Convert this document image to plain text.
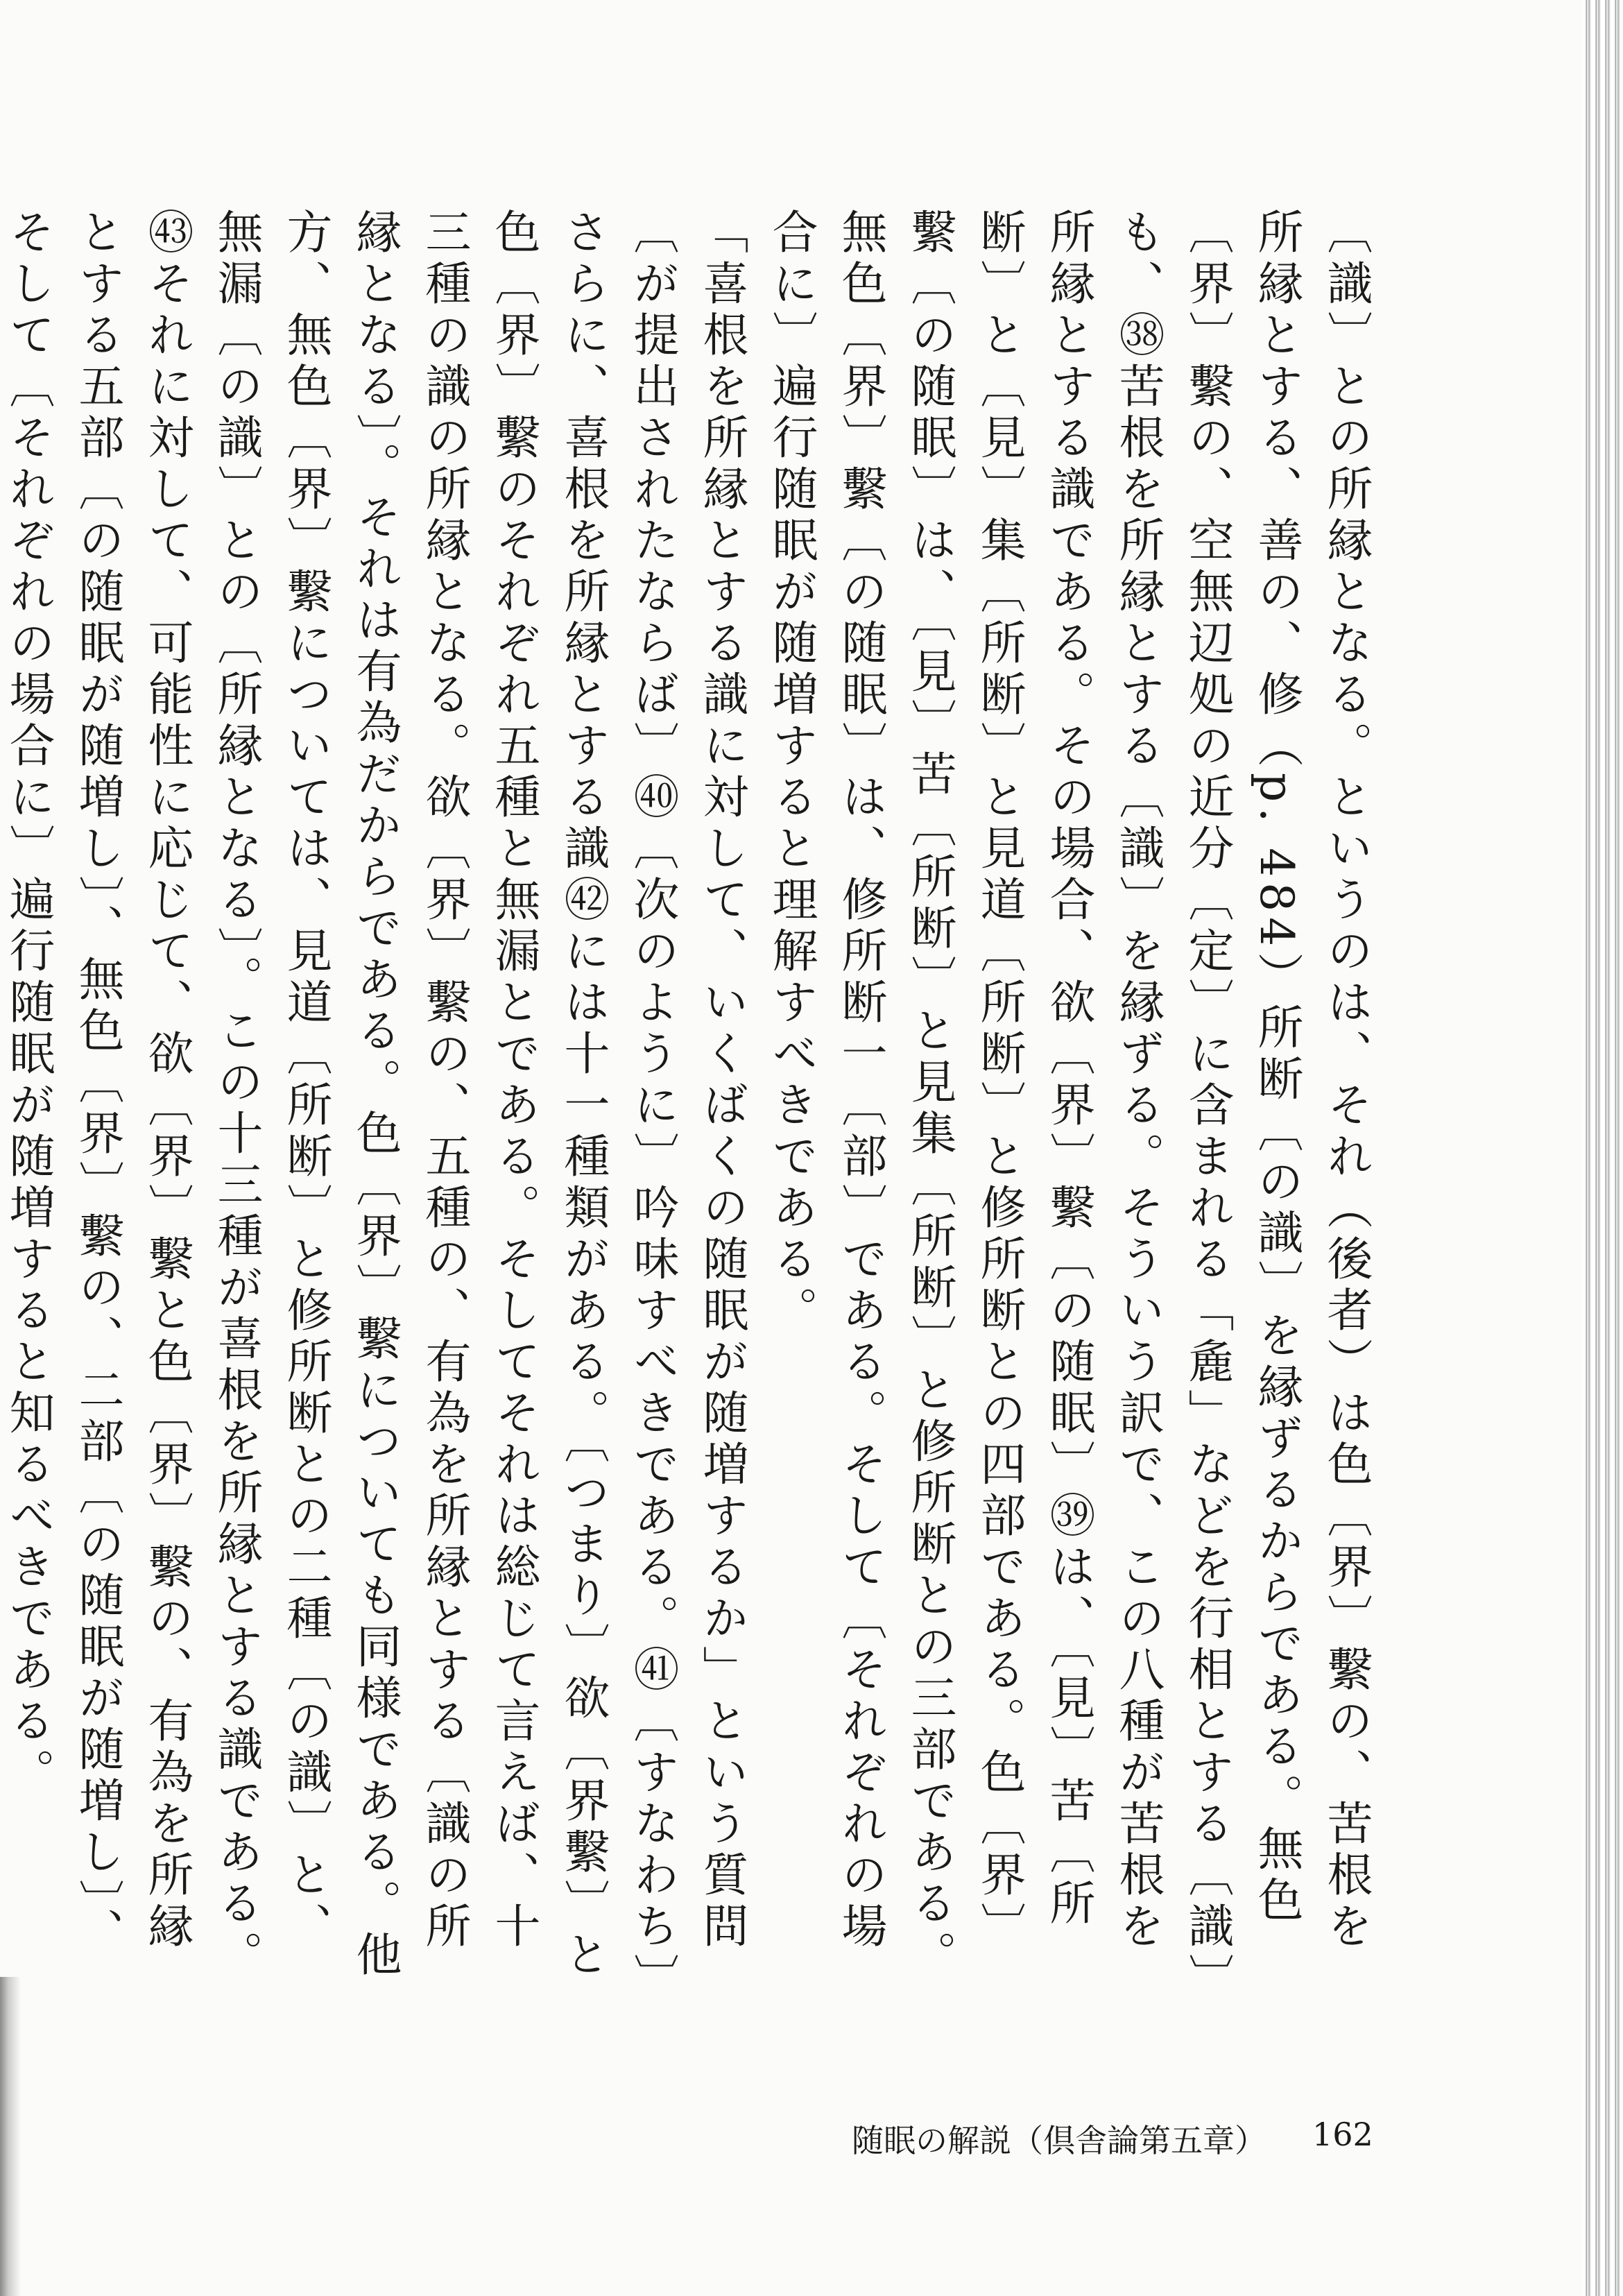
〔識〕との所縁となる。というのは、それ（後者）は色〔界〕繫の、苦根を所縁とする、善の、修（p. 484）所断〔の識〕を縁ずるからである。無色〔界〕繫の、空無辺処の近分〔定〕に含まれる「麁」などを行相とする〔識〕も、㊳苦根を所縁とする〔識〕を縁ずる。そういう訳で、この八種が苦根を所縁とする識である。その場合、欲〔界〕繫〔の随眠〕㊴は、〔見〕苦〔所断〕と〔見〕集〔所断〕と見道〔所断〕と修所断との四部である。色〔界〕繫〔の随眠〕は、〔見〕苦〔所断〕と見集〔所断〕と修所断との三部である。無色〔界〕繫〔の随眠〕は、修所断一〔部〕である。そして〔それぞれの場合に〕遍行随眠が随増すると理解すべきである。

「喜根を所縁とする識に対して、いくばくの随眠が随増するか」という質問〔が提出されたならば〕㊵〔次のように〕吟味すべきである。㊶〔すなわち〕さらに、喜根を所縁とする識㊷には十一種類がある。〔つまり〕欲〔界繫〕と色〔界〕繫のそれぞれ五種と無漏とである。そしてそれは総じて言えば、十三種の識の所縁となる。欲〔界〕繫の、五種の、有為を所縁とする〔識の所縁となる〕。それは有為だからである。色〔界〕繫についても同様である。他方、無色〔界〕繫については、見道〔所断〕と修所断との二種〔の識〕と、無漏〔の識〕との〔所縁となる〕。この十三種が喜根を所縁とする識である。㊸それに対して、可能性に応じて、欲〔界〕繫と色〔界〕繫の、有為を所縁とする五部〔の随眠が随増し〕、無色〔界〕繫の、二部〔の随眠が随増し〕、そして〔それぞれの場合に〕遍行随眠が随増すると知るべきである。

随眠の解説（倶舎論第五章） 162
